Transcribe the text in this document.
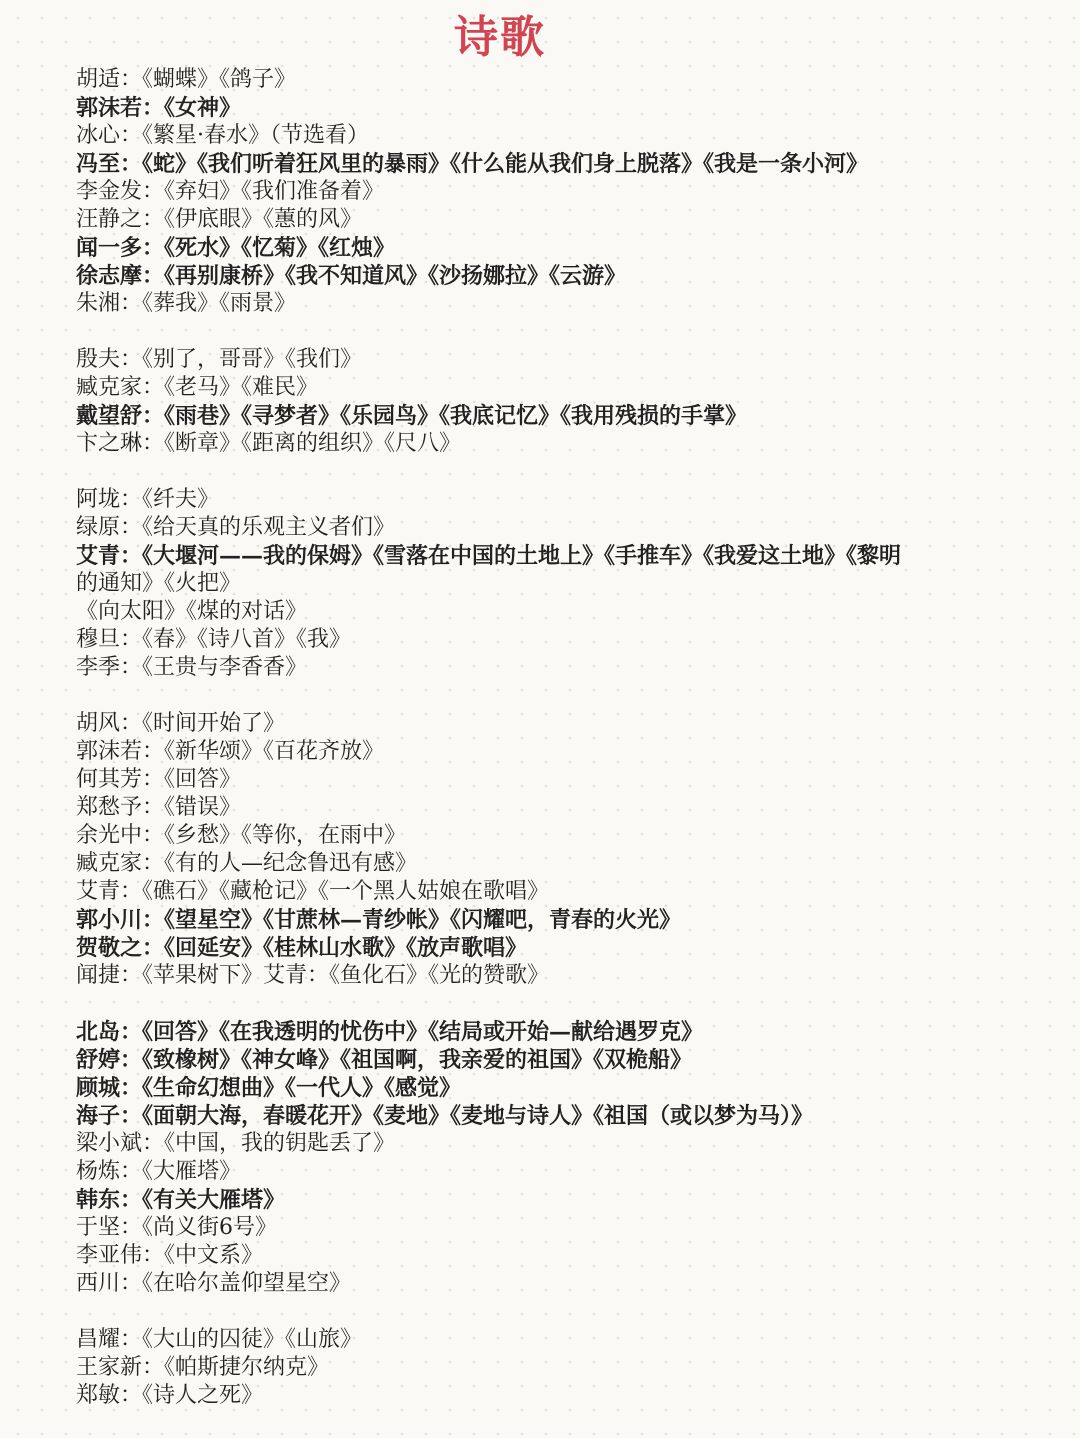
诗歌
胡适：《蝴蝶》《鸽子》
郭沫若：《女神》
冰心：《繁星·春水》（节选看）
冯至：《蛇》《我们听着狂风里的暴雨》《什么能从我们身上脱落》《我是一条小河》
李金发：《弃妇》《我们准备着》
汪静之：《伊底眼》《蕙的风》
闻一多：《死水》《忆菊》《红烛》
徐志摩：《再别康桥》《我不知道风》《沙扬娜拉》《云游》
朱湘：《葬我》《雨景》
殷夫：《别了，哥哥》《我们》
臧克家：《老马》《难民》
戴望舒：《雨巷》《寻梦者》《乐园鸟》《我底记忆》《我用残损的手掌》
卞之琳：《断章》《距离的组织》《尺八》
阿垅：《纤夫》
绿原：《给天真的乐观主义者们》
艾青：《大堰河——我的保姆》《雪落在中国的土地上》《手推车》《我爱这土地》《黎明
的通知》《火把》
《向太阳》《煤的对话》
穆旦：《春》《诗八首》《我》
李季：《王贵与李香香》
胡风：《时间开始了》
郭沫若：《新华颂》《百花齐放》
何其芳：《回答》
郑愁予：《错误》
余光中：《乡愁》《等你，在雨中》
臧克家：《有的人—纪念鲁迅有感》
艾青：《礁石》《藏枪记》《一个黑人姑娘在歌唱》
郭小川：《望星空》《甘蔗林—青纱帐》《闪耀吧，青春的火光》
贺敬之：《回延安》《桂林山水歌》《放声歌唱》
闻捷：《苹果树下》艾青：《鱼化石》《光的赞歌》
北岛：《回答》《在我透明的忧伤中》《结局或开始—献给遇罗克》
舒婷：《致橡树》《神女峰》《祖国啊，我亲爱的祖国》《双桅船》
顾城：《生命幻想曲》《一代人》《感觉》
海子：《面朝大海，春暖花开》《麦地》《麦地与诗人》《祖国（或以梦为马）》
梁小斌：《中国，我的钥匙丢了》
杨炼：《大雁塔》
韩东：《有关大雁塔》
于坚：《尚义街6号》
李亚伟：《中文系》
西川：《在哈尔盖仰望星空》
昌耀：《大山的囚徒》《山旅》
王家新：《帕斯捷尔纳克》
郑敏：《诗人之死》
